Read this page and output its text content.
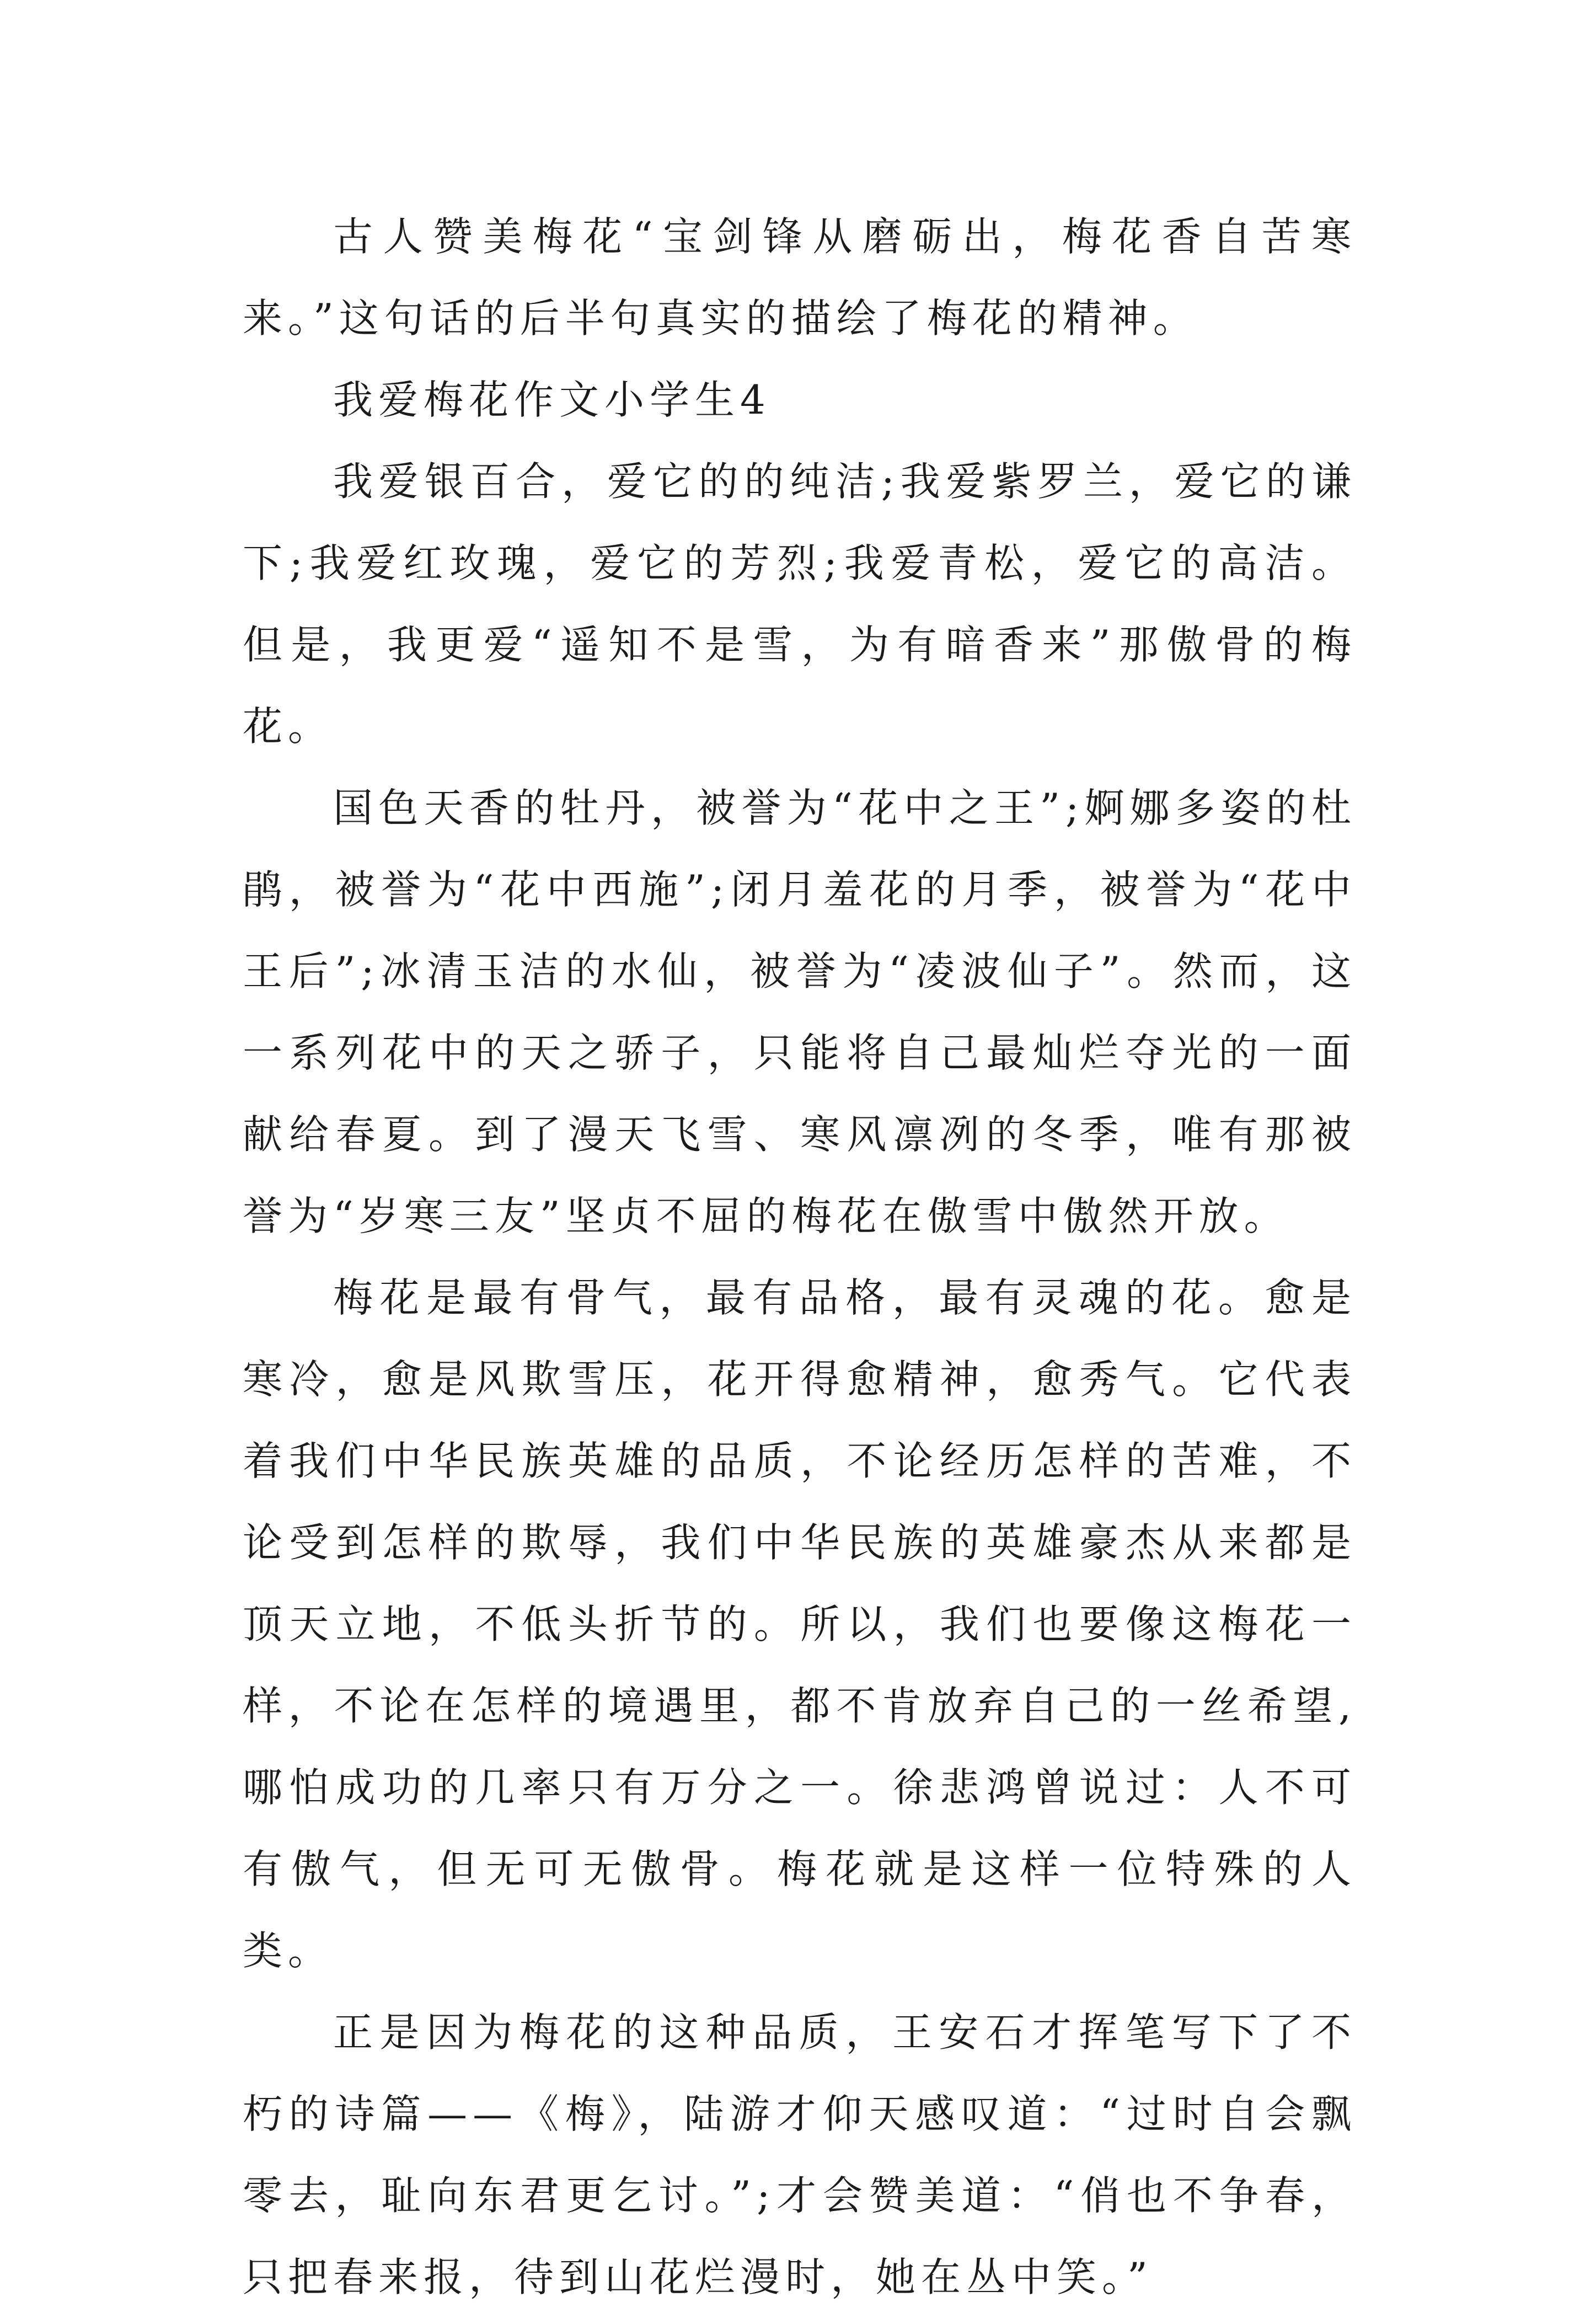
古人赞美梅花“宝剑锋从磨砺出，梅花香自苦寒来。”这句话的后半句真实的描绘了梅花的精神。

我爱梅花作文小学生4

我爱银百合，爱它的的纯洁;我爱紫罗兰，爱它的谦下;我爱红玫瑰，爱它的芳烈;我爱青松，爱它的高洁。但是，我更爱“遥知不是雪，为有暗香来”那傲骨的梅花。

国色天香的牡丹，被誉为“花中之王”;婀娜多姿的杜鹃，被誉为“花中西施”;闭月羞花的月季，被誉为“花中王后”;冰清玉洁的水仙，被誉为“凌波仙子”。然而，这一系列花中的天之骄子，只能将自己最灿烂夺光的一面献给春夏。到了漫天飞雪、寒风凛冽的冬季，唯有那被誉为“岁寒三友”坚贞不屈的梅花在傲雪中傲然开放。

梅花是最有骨气，最有品格，最有灵魂的花。愈是寒冷，愈是风欺雪压，花开得愈精神，愈秀气。它代表着我们中华民族英雄的品质，不论经历怎样的苦难，不论受到怎样的欺辱，我们中华民族的英雄豪杰从来都是顶天立地，不低头折节的。所以，我们也要像这梅花一样，不论在怎样的境遇里，都不肯放弃自己的一丝希望,哪怕成功的几率只有万分之一。徐悲鸿曾说过：人不可有傲气，但无可无傲骨。梅花就是这样一位特殊的人类。

正是因为梅花的这种品质，王安石才挥笔写下了不朽的诗篇——《梅》，陆游才仰天感叹道：“过时自会飘零去，耻向东君更乞讨。”;才会赞美道：“俏也不争春，只把春来报，待到山花烂漫时，她在丛中笑。”
